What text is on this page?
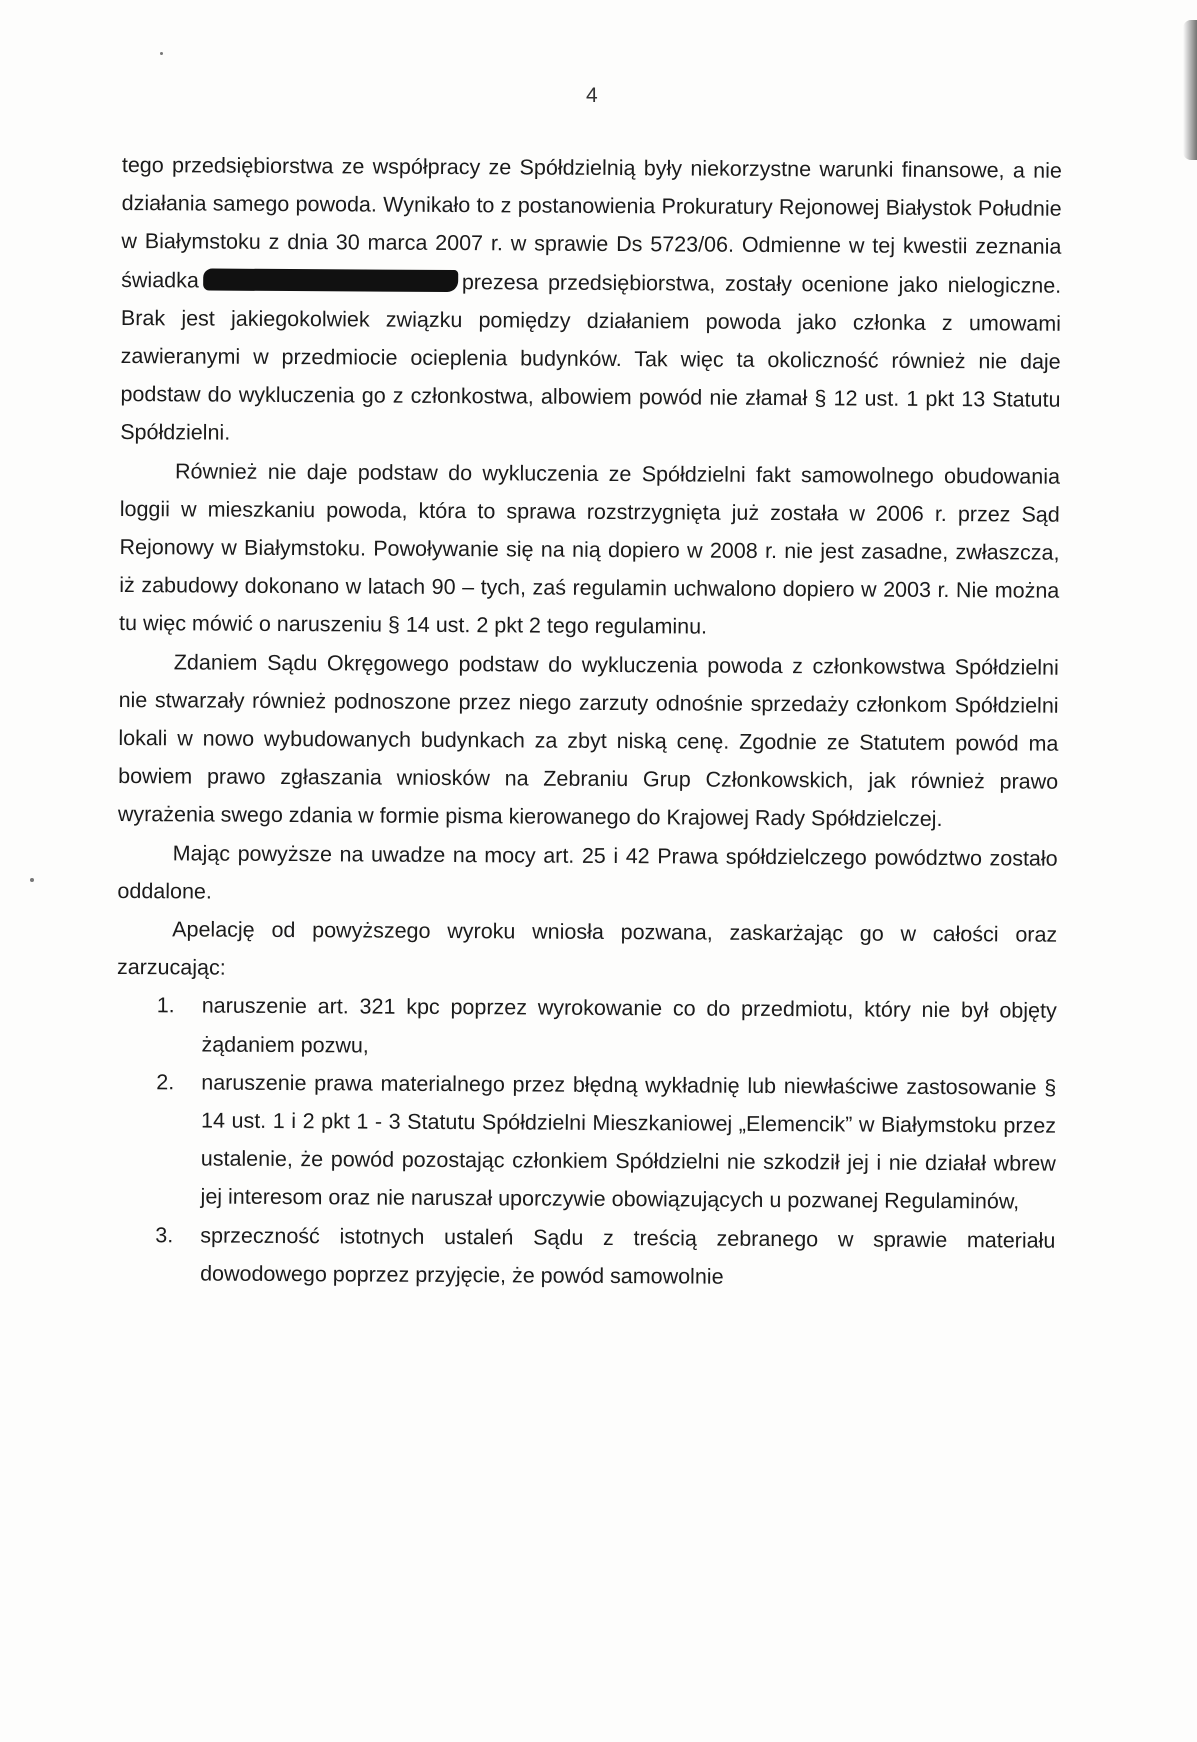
4

tego przedsiębiorstwa ze współpracy ze Spółdzielnią były niekorzystne warunki finansowe, a nie działania samego powoda. Wynikało to z postanowienia Prokuratury Rejonowej Białystok Południe w Białymstoku z dnia 30 marca 2007 r. w sprawie Ds 5723/06. Odmienne w tej kwestii zeznania świadka	prezesa przedsiębiorstwa, zostały ocenione jako nielogiczne. Brak jest jakiegokolwiek związku pomiędzy działaniem powoda jako członka z umowami zawieranymi w przedmiocie ocieplenia budynków. Tak więc ta okoliczność również nie daje podstaw do wykluczenia go z członkostwa, albowiem powód nie złamał § 12 ust. 1 pkt 13 Statutu Spółdzielni.

Również nie daje podstaw do wykluczenia ze Spółdzielni fakt samowolnego obudowania loggii w mieszkaniu powoda, która to sprawa rozstrzygnięta już została w 2006 r. przez Sąd Rejonowy w Białymstoku. Powoływanie się na nią dopiero w 2008 r. nie jest zasadne, zwłaszcza, iż zabudowy dokonano w latach 90 – tych, zaś regulamin uchwalono dopiero w 2003 r. Nie można tu więc mówić o naruszeniu § 14 ust. 2 pkt 2 tego regulaminu.

Zdaniem Sądu Okręgowego podstaw do wykluczenia powoda z członkowstwa Spółdzielni nie stwarzały również podnoszone przez niego zarzuty odnośnie sprzedaży członkom Spółdzielni lokali w nowo wybudowanych budynkach za zbyt niską cenę. Zgodnie ze Statutem powód ma bowiem prawo zgłaszania wniosków na Zebraniu Grup Członkowskich, jak również prawo wyrażenia swego zdania w formie pisma kierowanego do Krajowej Rady Spółdzielczej.

Mając powyższe na uwadze na mocy art. 25 i 42 Prawa spółdzielczego powództwo zostało oddalone.

Apelację od powyższego wyroku wniosła pozwana, zaskarżając go w całości oraz zarzucając:

1. naruszenie art. 321 kpc poprzez wyrokowanie co do przedmiotu, który nie był objęty żądaniem pozwu,
2. naruszenie prawa materialnego przez błędną wykładnię lub niewłaściwe zastosowanie § 14 ust. 1 i 2 pkt 1 - 3 Statutu Spółdzielni Mieszkaniowej „Elemencik” w Białymstoku przez ustalenie, że powód pozostając członkiem Spółdzielni nie szkodził jej i nie działał wbrew jej interesom oraz nie naruszał uporczywie obowiązujących u pozwanej Regulaminów,
3. sprzeczność istotnych ustaleń Sądu z treścią zebranego w sprawie materiału dowodowego poprzez przyjęcie, że powód samowolnie
